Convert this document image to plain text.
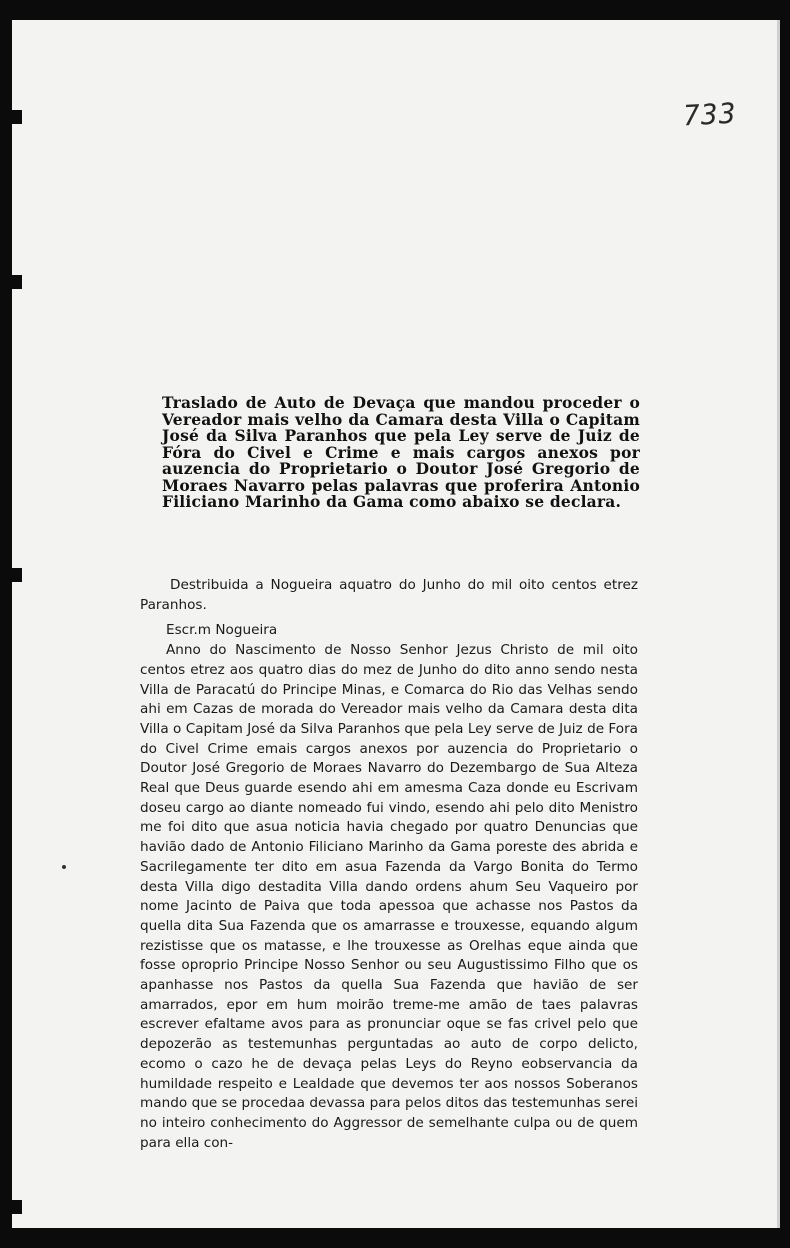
733
Traslado de Auto de Devaça que mandou proceder o Vereador mais velho da Camara desta Villa o Capitam José da Silva Paranhos que pela Ley serve de Juiz de Fóra do Civel e Crime e mais cargos anexos por auzencia do Proprietario o Doutor José Gregorio de Moraes Navarro pelas palavras que proferira Antonio Filiciano Marinho da Gama como abaixo se declara.

Destribuida a Nogueira aquatro do Junho do mil oito centos etrez Paranhos.

Escr.m Nogueira

Anno do Nascimento de Nosso Senhor Jezus Christo de mil oito centos etrez aos quatro dias do mez de Junho do dito anno sendo nesta Villa de Paracatú do Principe Minas, e Comarca do Rio das Velhas sendo ahi em Cazas de morada do Vereador mais velho da Camara desta dita Villa o Capitam José da Silva Paranhos que pela Ley serve de Juiz de Fora do Civel Crime emais cargos anexos por auzencia do Proprietario o Doutor José Gregorio de Moraes Navarro do Dezembargo de Sua Alteza Real que Deus guarde esendo ahi em amesma Caza donde eu Escrivam doseu cargo ao diante nomeado fui vindo, esendo ahi pelo dito Menistro me foi dito que asua noticia havia chegado por quatro Denuncias que havião dado de Antonio Filiciano Marinho da Gama poreste des abrida e Sacrilegamente ter dito em asua Fazenda da Vargo Bonita do Termo desta Villa digo destadita Villa dando ordens ahum Seu Vaqueiro por nome Jacinto de Paiva que toda apessoa que achasse nos Pastos da quella dita Sua Fazenda que os amarrasse e trouxesse, equando algum rezistisse que os matasse, e lhe trouxesse as Orelhas eque ainda que fosse oproprio Principe Nosso Senhor ou seu Augustissimo Filho que os apanhasse nos Pastos da quella Sua Fazenda que havião de ser amarrados, epor em hum moirão treme-me amão de taes palavras escrever efaltame avos para as pronunciar oque se fas crivel pelo que depozerão as testemunhas perguntadas ao auto de corpo delicto, ecomo o cazo he de devaça pelas Leys do Reyno eobservancia da humildade respeito e Lealdade que devemos ter aos nossos Soberanos mando que se procedaa devassa para pelos ditos das testemunhas serei no inteiro conhecimento do Aggressor de semelhante culpa ou de quem para ella con-
